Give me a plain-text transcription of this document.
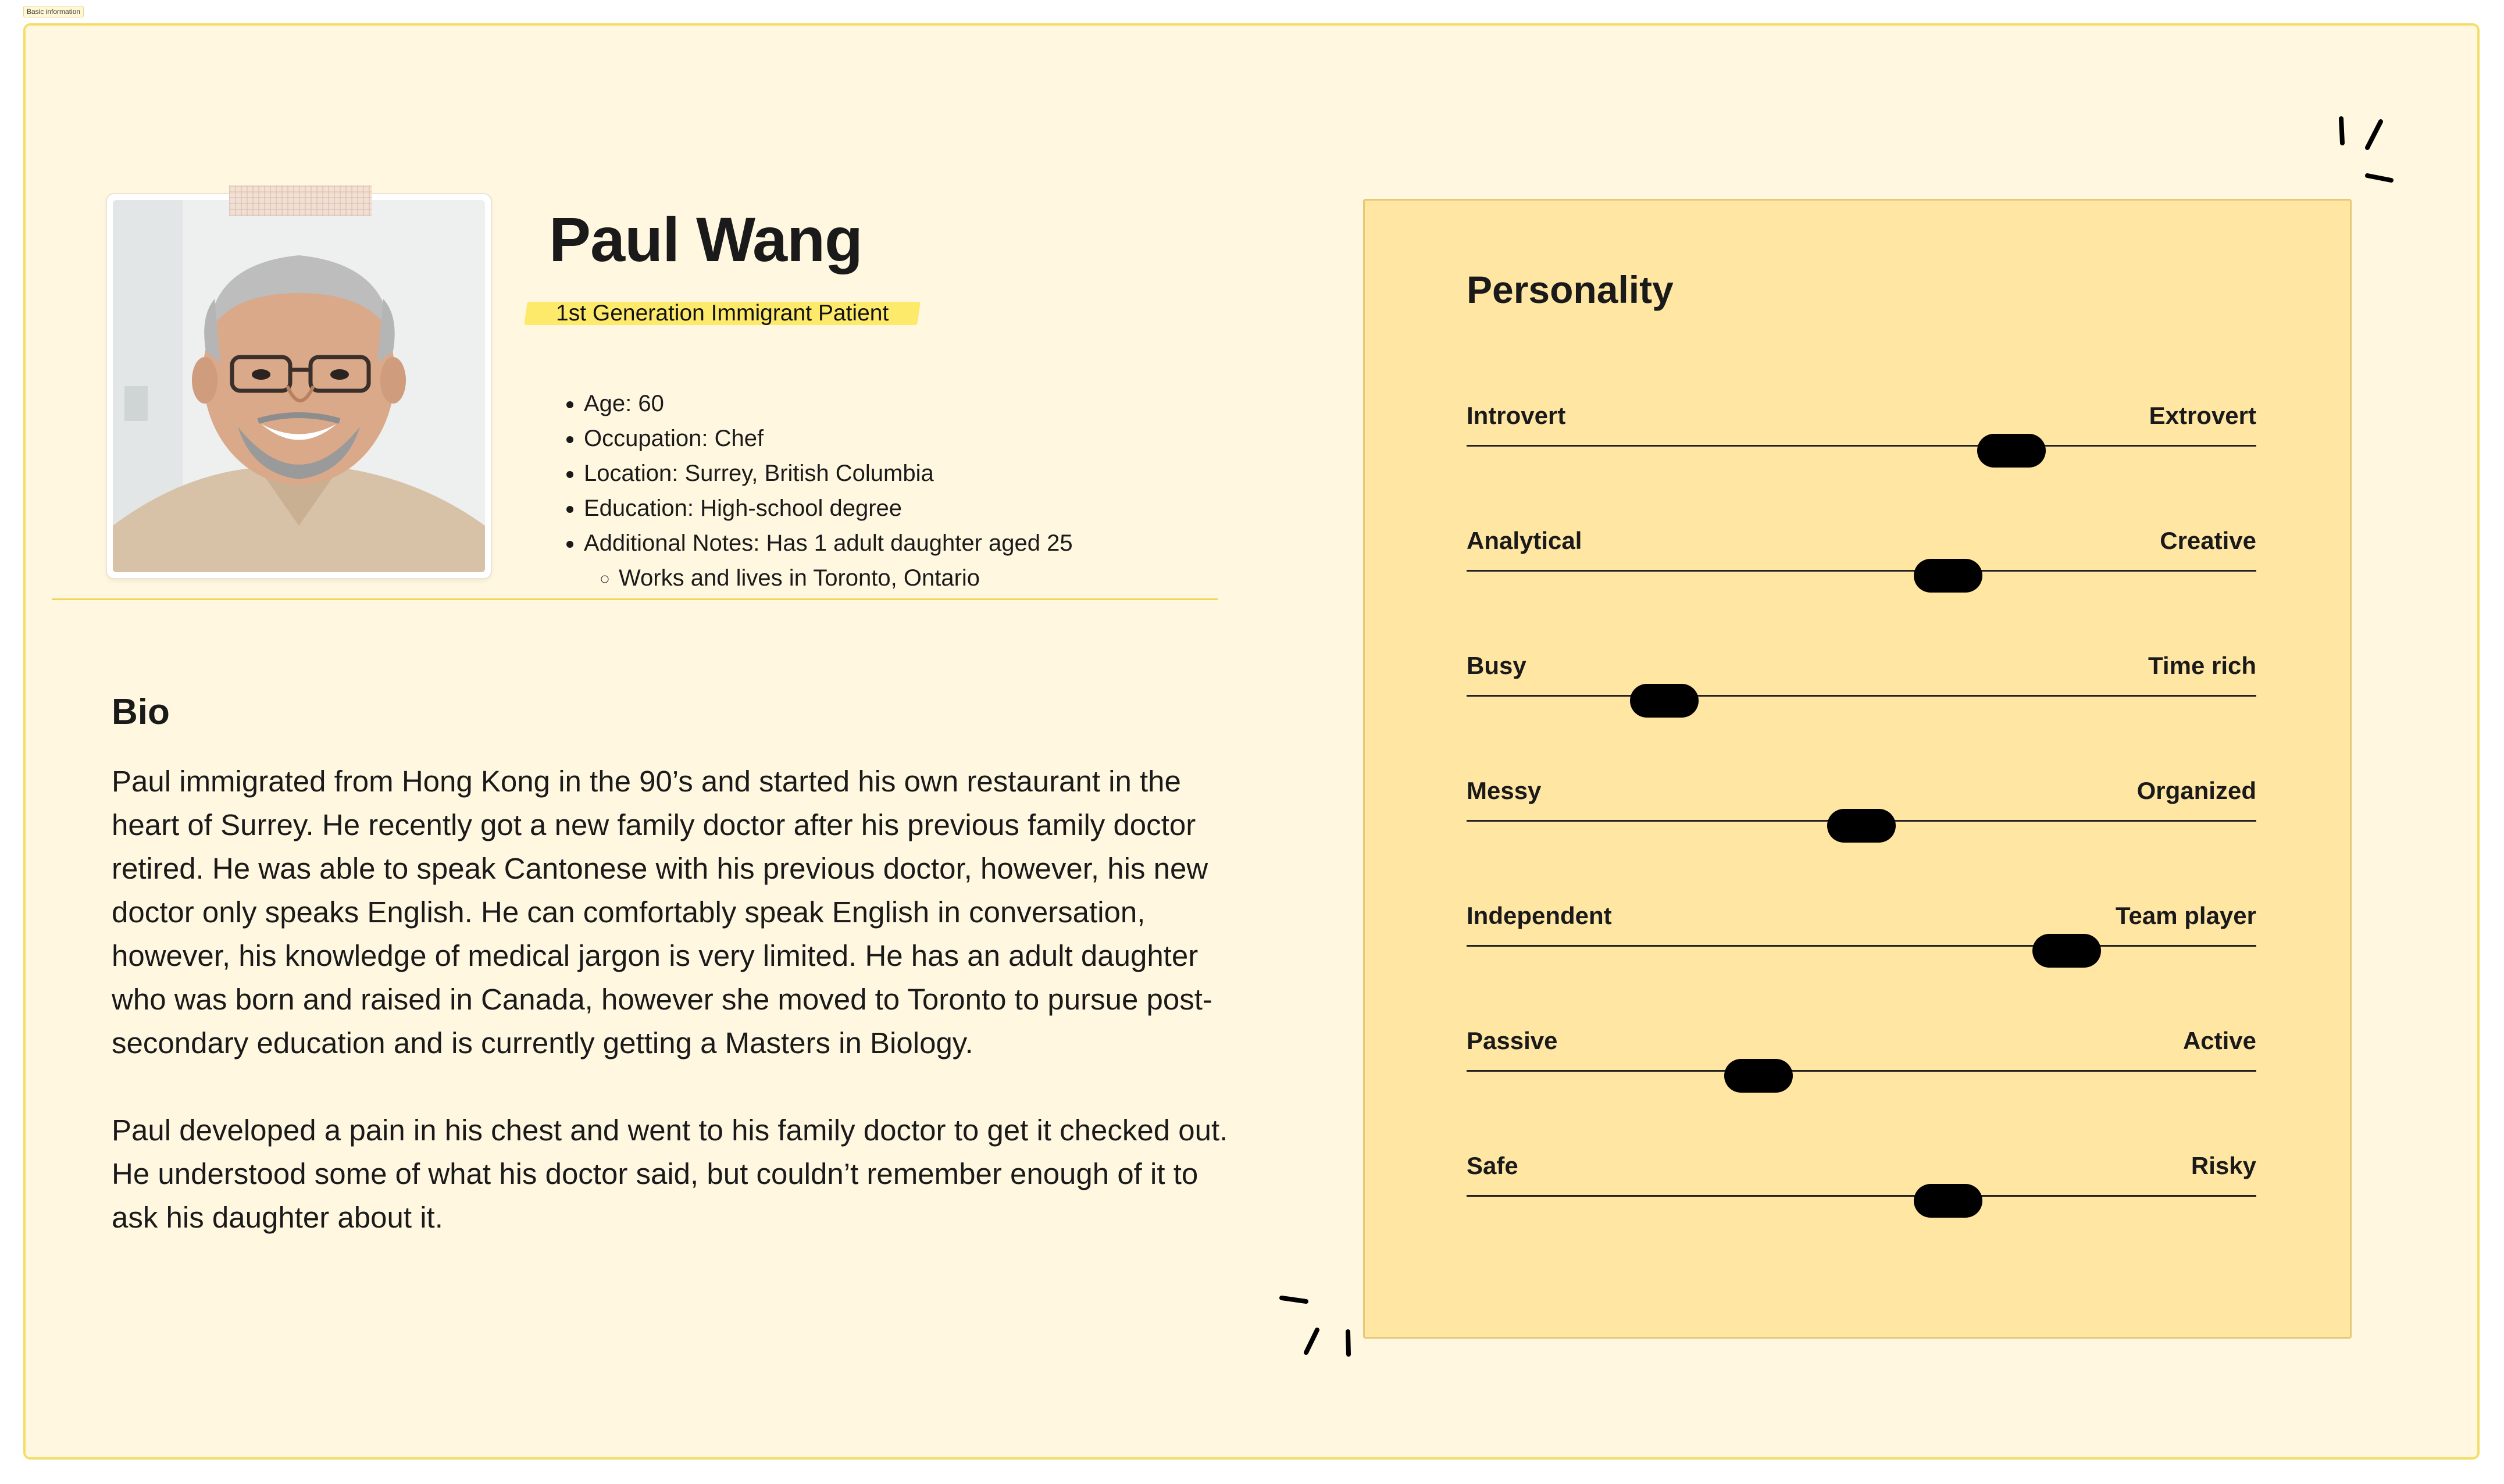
Basic information
Paul Wang
1st Generation Immigrant Patient
• Age: 60
• Occupation: Chef
• Location: Surrey, British Columbia
• Education: High-school degree
• Additional Notes: Has 1 adult daughter aged 25
◦ Works and lives in Toronto, Ontario
Bio

Paul immigrated from Hong Kong in the 90’s and started his own restaurant in the heart of Surrey. He recently got a new family doctor after his previous family doctor retired. He was able to speak Cantonese with his previous doctor, however, his new doctor only speaks English. He can comfortably speak English in conversation, however, his knowledge of medical jargon is very limited. He has an adult daughter who was born and raised in Canada, however she moved to Toronto to pursue post-secondary education and is currently getting a Masters in Biology.

Paul developed a pain in his chest and went to his family doctor to get it checked out. He understood some of what his doctor said, but couldn’t remember enough of it to ask his daughter about it.

Personality
Introvert	Extrovert
Analytical	Creative
Busy	Time rich
Messy	Organized
Independent	Team player
Passive	Active
Safe	Risky
